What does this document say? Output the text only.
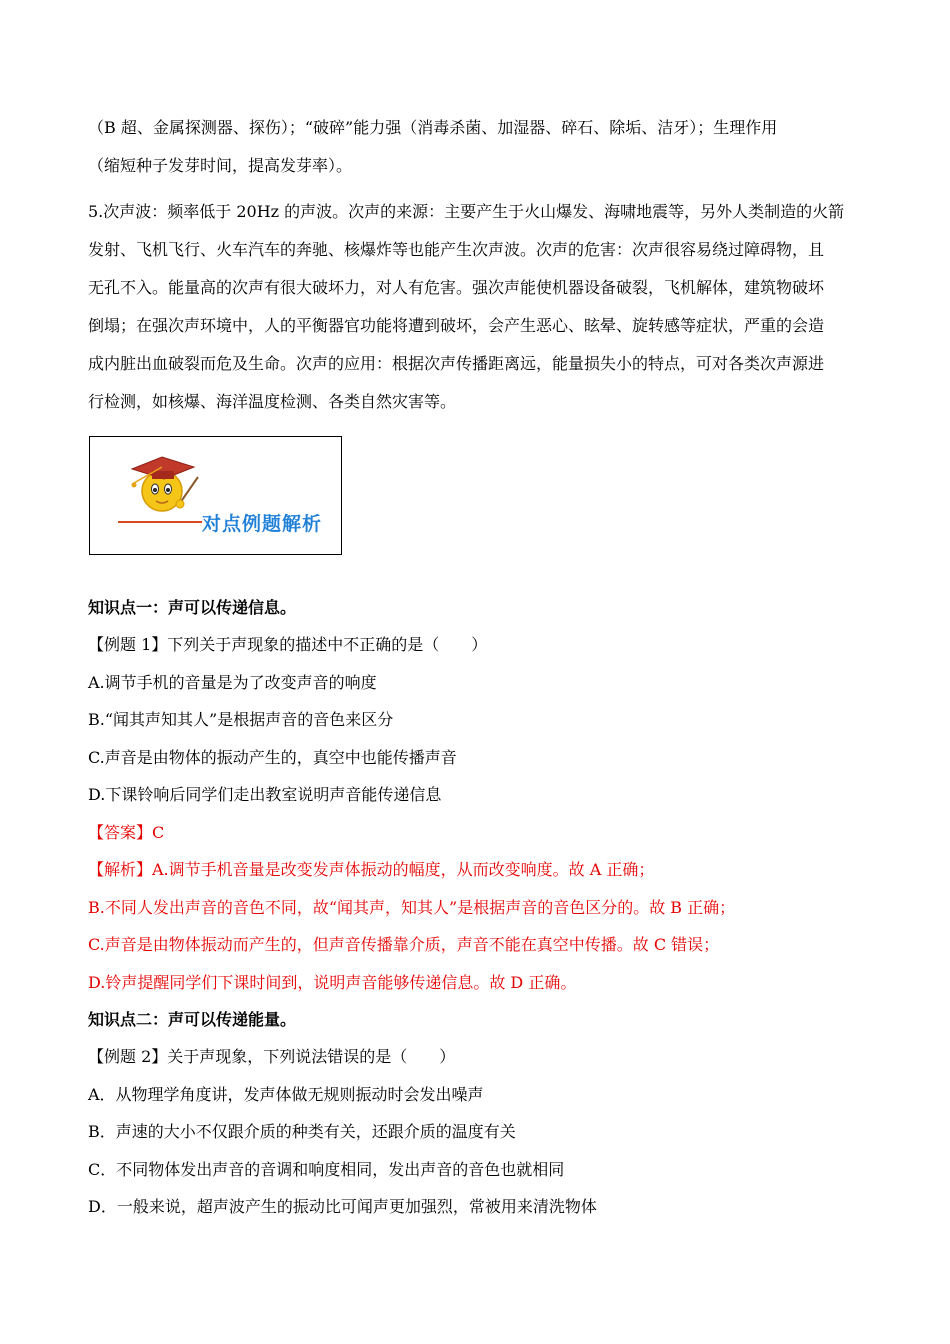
（B 超、金属探测器、探伤）；“破碎”能力强（消毒杀菌、加湿器、碎石、除垢、洁牙）；生理作用
（缩短种子发芽时间，提高发芽率）。
5.次声波：频率低于 20Hz 的声波。次声的来源：主要产生于火山爆发、海啸地震等，另外人类制造的火箭
发射、飞机飞行、火车汽车的奔驰、核爆炸等也能产生次声波。次声的危害：次声很容易绕过障碍物，且
无孔不入。能量高的次声有很大破坏力，对人有危害。强次声能使机器设备破裂，飞机解体，建筑物破坏
倒塌；在强次声环境中，人的平衡器官功能将遭到破坏，会产生恶心、眩晕、旋转感等症状，严重的会造
成内脏出血破裂而危及生命。次声的应用：根据次声传播距离远，能量损失小的特点，可对各类次声源进
行检测，如核爆、海洋温度检测、各类自然灾害等。
对点例题解析
知识点一：声可以传递信息。
【例题 1】下列关于声现象的描述中不正确的是（　　）
A.调节手机的音量是为了改变声音的响度
B.“闻其声知其人”是根据声音的音色来区分
C.声音是由物体的振动产生的，真空中也能传播声音
D.下课铃响后同学们走出教室说明声音能传递信息
【答案】C
【解析】A.调节手机音量是改变发声体振动的幅度，从而改变响度。故 A 正确；
B.不同人发出声音的音色不同，故“闻其声，知其人”是根据声音的音色区分的。故 B 正确；
C.声音是由物体振动而产生的，但声音传播靠介质，声音不能在真空中传播。故 C 错误；
D.铃声提醒同学们下课时间到，说明声音能够传递信息。故 D 正确。
知识点二：声可以传递能量。
【例题 2】关于声现象，下列说法错误的是（　　）
A．从物理学角度讲，发声体做无规则振动时会发出噪声
B．声速的大小不仅跟介质的种类有关，还跟介质的温度有关
C．不同物体发出声音的音调和响度相同，发出声音的音色也就相同
D．一般来说，超声波产生的振动比可闻声更加强烈，常被用来清洗物体
